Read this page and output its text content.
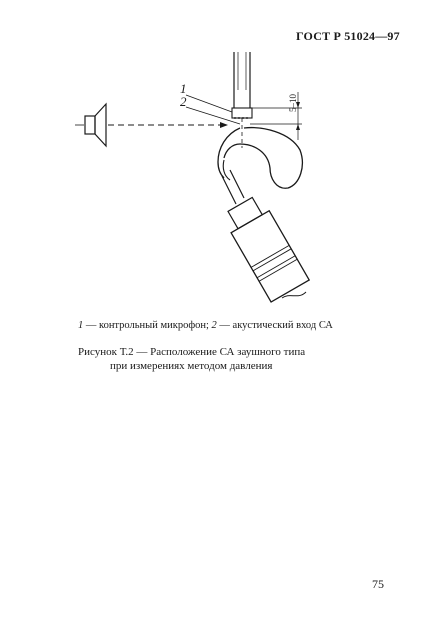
ГОСТ Р 51024—97
1
2	5–10
1 — контрольный микрофон; 2 — акустический вход СА
Рисунок Т.2 — Расположение СА заушного типа
при измерениях методом давления
75
